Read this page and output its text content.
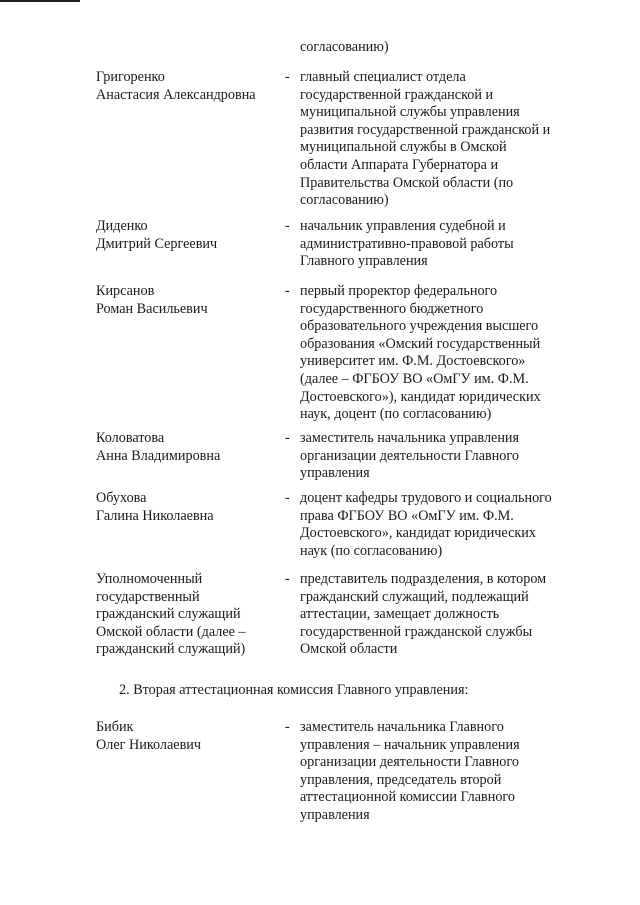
согласованию)
Григоренко
Анастасия Александровна
- главный специалист отдела
государственной гражданской и
муниципальной службы управления
развития государственной гражданской и
муниципальной службы в Омской
области Аппарата Губернатора и
Правительства Омской области (по
согласованию)
Диденко
Дмитрий Сергеевич
- начальник управления судебной и
административно-правовой работы
Главного управления
Кирсанов
Роман Васильевич
- первый проректор федерального
государственного бюджетного
образовательного учреждения высшего
образования «Омский государственный
университет им. Ф.М. Достоевского»
(далее – ФГБОУ ВО «ОмГУ им. Ф.М.
Достоевского»), кандидат юридических
наук, доцент (по согласованию)
Коловатова
Анна Владимировна
- заместитель начальника управления
организации деятельности Главного
управления
Обухова
Галина Николаевна
- доцент кафедры трудового и социального
права ФГБОУ ВО «ОмГУ им. Ф.М.
Достоевского», кандидат юридических
наук (по согласованию)
Уполномоченный
государственный
гражданский служащий
Омской области (далее –
гражданский служащий)
- представитель подразделения, в котором
гражданский служащий, подлежащий
аттестации, замещает должность
государственной гражданской службы
Омской области
2. Вторая аттестационная комиссия Главного управления:
Бибик
Олег Николаевич
- заместитель начальника Главного
управления – начальник управления
организации деятельности Главного
управления, председатель второй
аттестационной комиссии Главного
управления
